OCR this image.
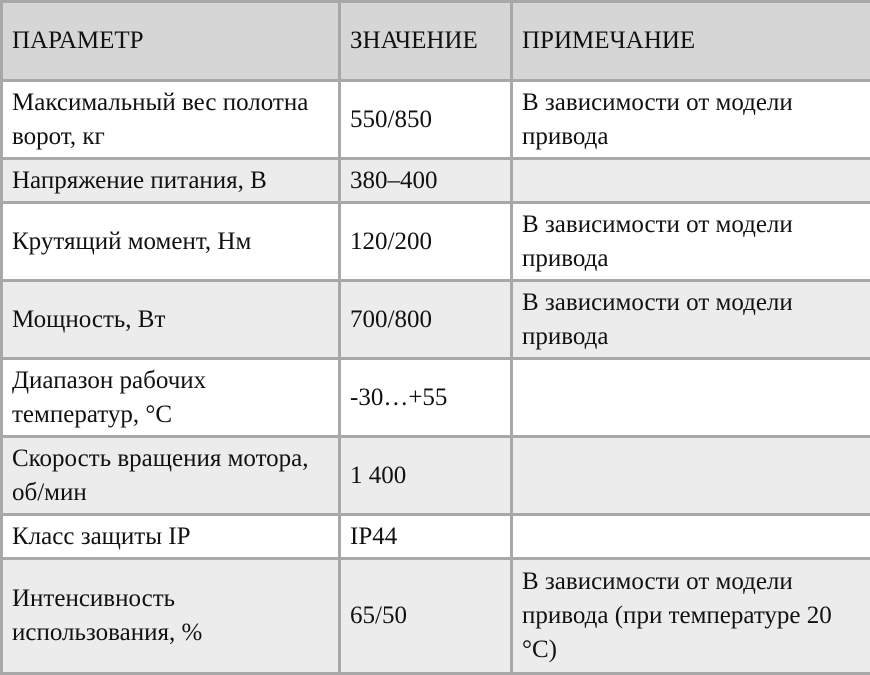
ПАРАМЕТР	ЗНАЧЕНИЕ	ПРИМЕЧАНИЕ
Максимальный вес полотна ворот, кг	550/850	В зависимости от модели привода
Напряжение питания, В	380–400	
Крутящий момент, Нм	120/200	В зависимости от модели привода
Мощность, Вт	700/800	В зависимости от модели привода
Диапазон рабочих температур, °С	-30…+55	
Скорость вращения мотора, об/мин	1 400	
Класс защиты IP	IP44	
Интенсивность использования, %	65/50	В зависимости от модели привода (при температуре 20 °С)
